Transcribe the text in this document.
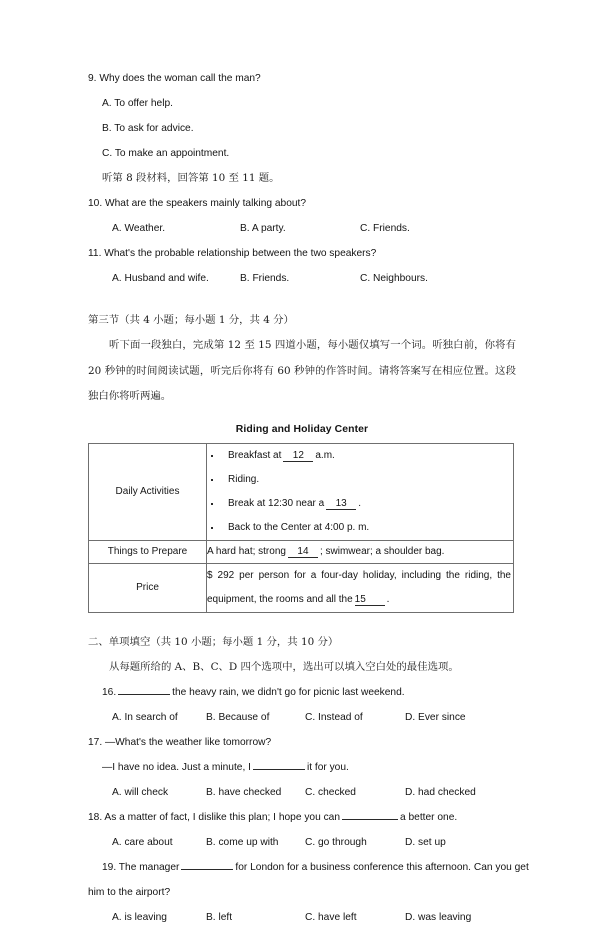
9. Why does the woman call the man?
A. To offer help.
B. To ask for advice.
C. To make an appointment.
听第 8 段材料，回答第 10 至 11 题。
10. What are the speakers mainly talking about?
A. Weather.	B. A party.	C. Friends.
11. What's the probable relationship between the two speakers?
A. Husband and wife.	B. Friends.	C. Neighbours.
第三节（共 4 小题；每小题 1 分，共 4 分）
听下面一段独白，完成第 12 至 15 四道小题，每小题仅填写一个词。听独白前，你将有 20 秒钟的时间阅读试题，听完后你将有 60 秒钟的作答时间。请将答案写在相应位置。这段独白你将听两遍。
Riding and Holiday Center
Daily Activities	
Breakfast at 12 a.m.
Riding.
Break at 12:30 near a 13 .
Back to the Center at 4:00 p. m.

Things to Prepare	A hard hat; strong 14 ; swimwear; a shoulder bag.

Price	$ 292 per person for a four-day holiday, including the riding, the equipment, the rooms and all the 15 .
二、单项填空（共 10 小题；每小题 1 分，共 10 分）
从每题所给的 A、B、C、D 四个选项中，选出可以填入空白处的最佳选项。
16.	the heavy rain, we didn't go for picnic last weekend.
A. In search of	B. Because of	C. Instead of	D. Ever since
17. —What's the weather like tomorrow?
—I have no idea. Just a minute, I	it for you.
A. will check	B. have checked C. checked	D. had checked
18. As a matter of fact, I dislike this plan; I hope you can	a better one.
A. care about	B. come up with	C. go through	D. set up
19. The manager	for London for a business conference this afternoon. Can you get
him to the airport?
A. is leaving	B. left	C. have left	D. was leaving
